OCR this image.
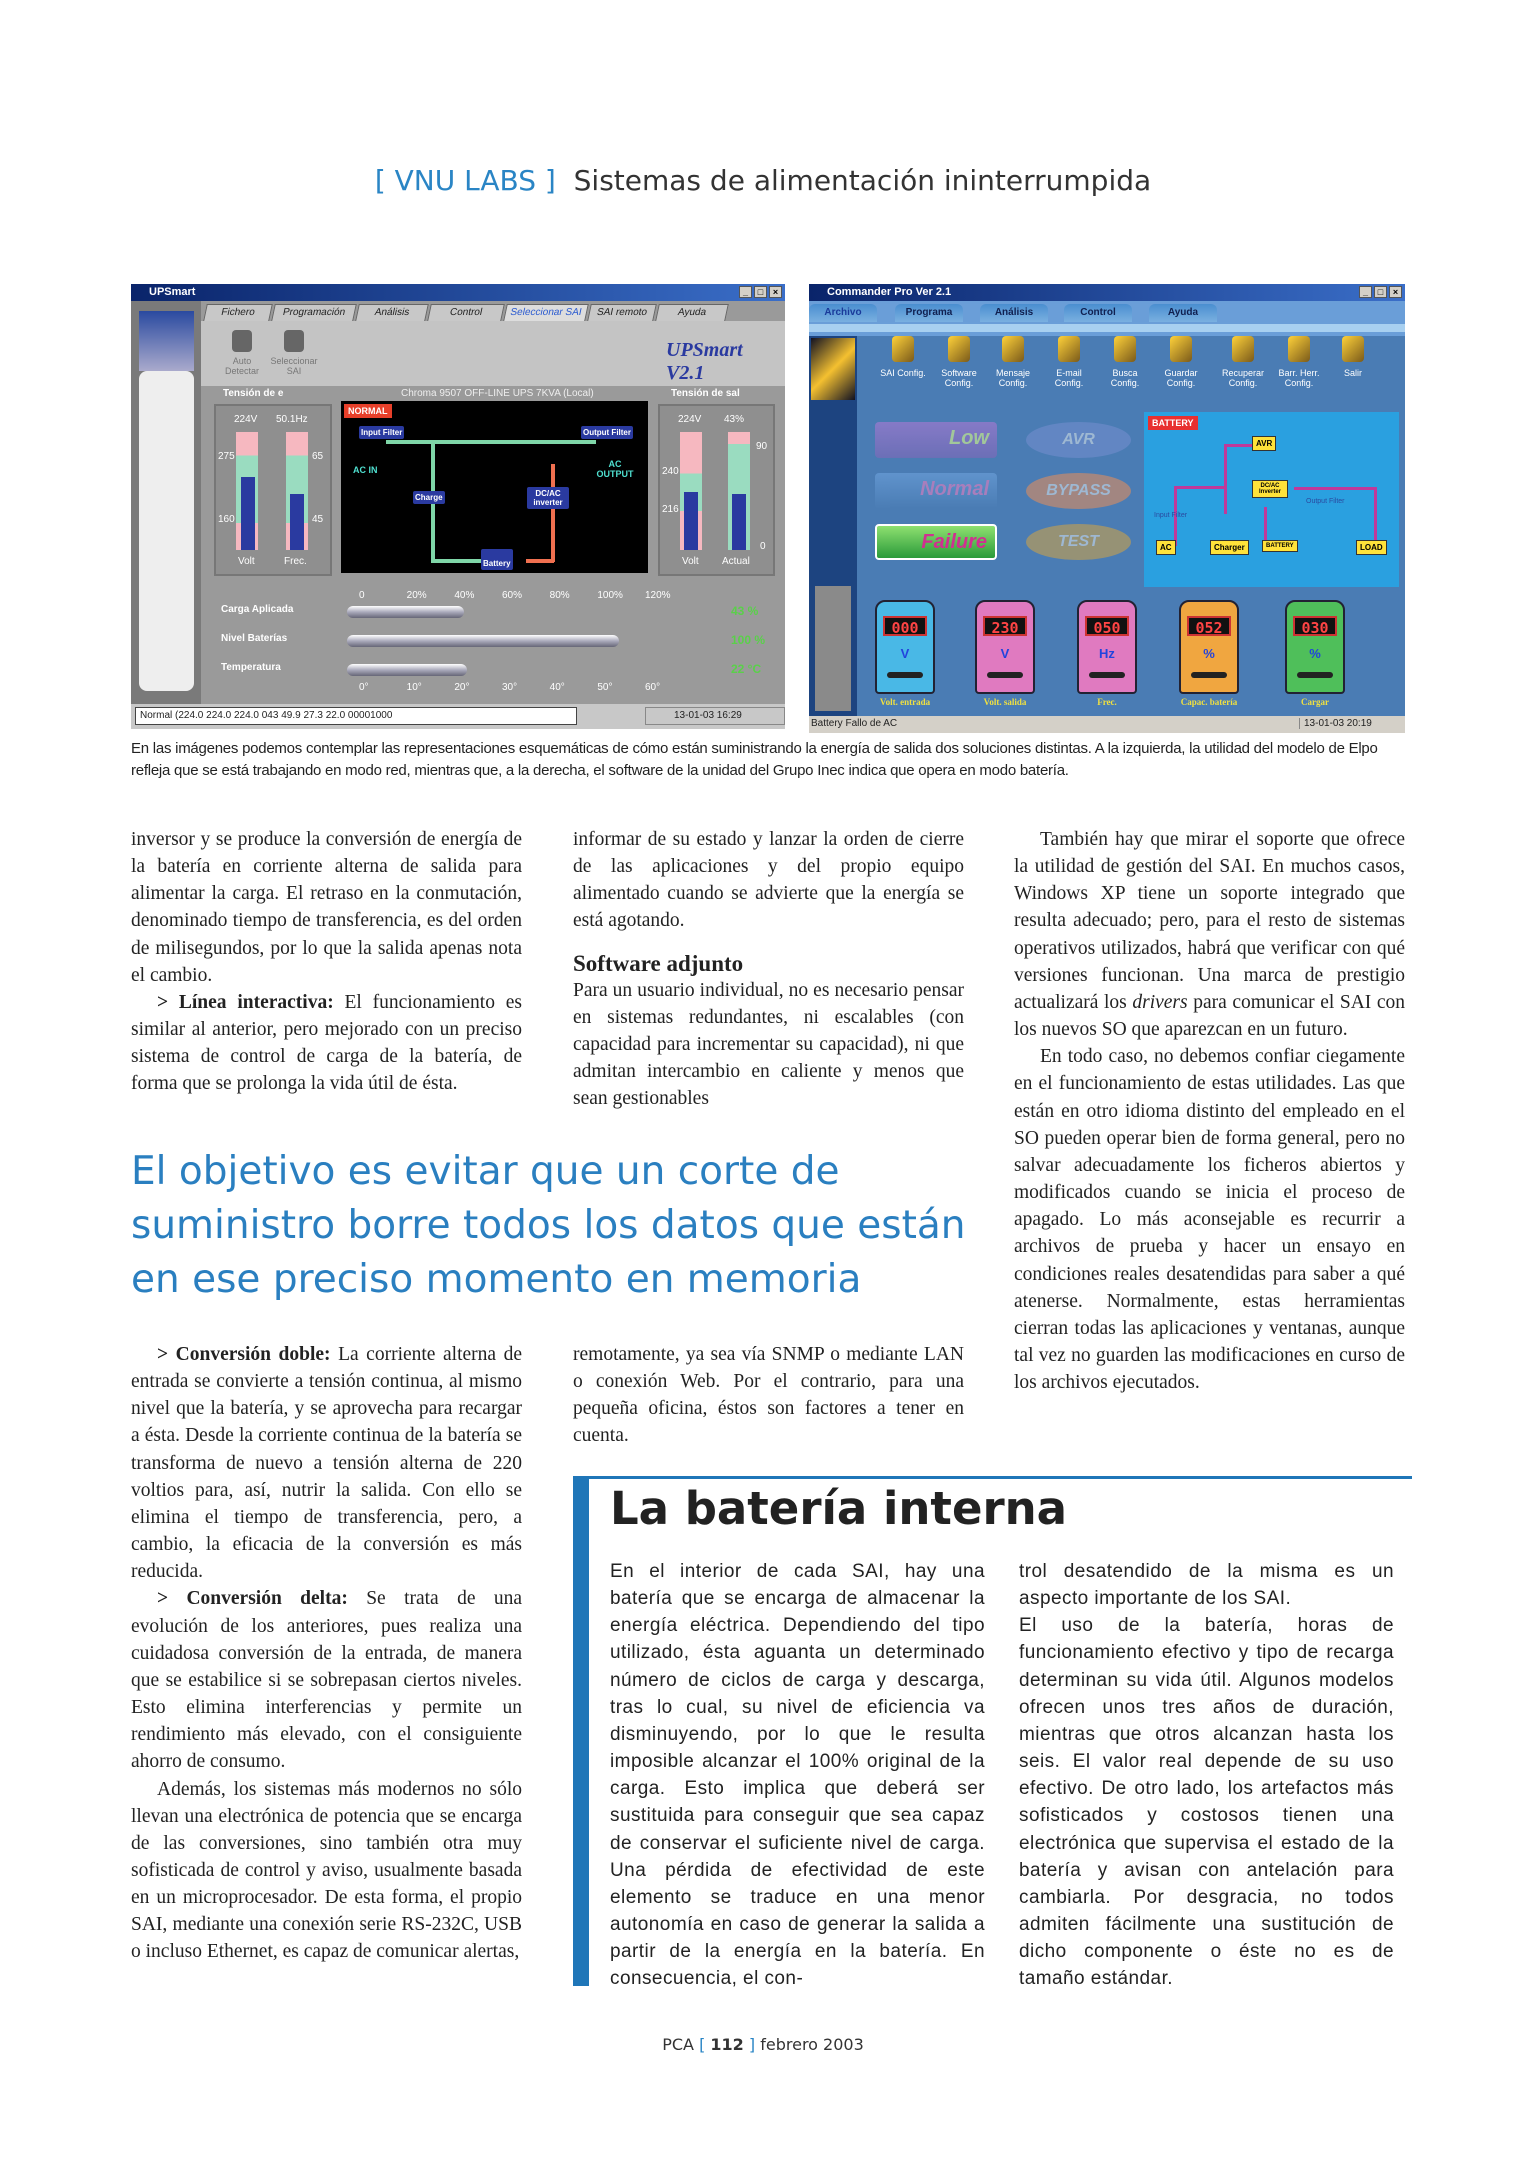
[ VNU LABS ] Sistemas de alimentación ininterrumpida
UPSmart	_	□	×
UPSmart V2.1
Tensión de e	Chroma 9507 OFF-LINE UPS 7KVA (Local)	Tensión de sal
224V 50.1Hz
275
160
65
45
Volt	Frec.
NORMAL
Input Filter	Output Filter
AC IN
AC OUTPUT
Charge	DC/AC inverter
Battery
224V 43%
240
216
90
0
Volt Actual
Normal (224.0 224.0 224.0 043 49.9 27.3 22.0 00001000	13-01-03 16:29
Fichero	Programación	Análisis	Control	Seleccionar SAI	SAI remoto	Ayuda
Auto Detectar
Seleccionar SAI
0	20%	40%	60%	80%	100% 120%
0°	10°	20°	30°	40°	50°	60°
Carga Aplicada	43 %
Nivel Baterías	100 %
Temperatura	22 °C
Commander Pro Ver 2.1	_	□	×
Low
Normal
Failure
AVR
BYPASS
TEST
BATTERY
AVR
DC/AC Inverter
AC	Charger	BATTERY	LOAD
Input Filter
Output Filter
Battery Fallo de AC	13-01-03 20:19
Archivo	Programa	Análisis	Control	Ayuda
SAI Config.	Software Config.
Mensaje Config.
E-mail Config.
Busca Config.
Guardar Config.
Recuperar Config.
Barr. Herr. Config.
Salir
000
V
Volt. entrada
230
V
Volt. salida
050
Hz
Frec.
052
%
Capac. batería
030
%
Cargar
En las imágenes podemos contemplar las representaciones esquemáticas de cómo están suministrando la energía de salida dos soluciones distintas. A la izquierda, la utilidad del modelo de Elpo refleja que se está trabajando en modo red, mientras que, a la derecha, el software de la unidad del Grupo Inec indica que opera en modo batería.

inversor y se produce la conversión de energía de la batería en corriente alterna de salida para alimentar la carga. El retraso en la conmutación, denominado tiempo de transferencia, es del orden de milisegundos, por lo que la salida apenas nota el cambio.

> Línea interactiva: El funcionamiento es similar al anterior, pero mejorado con un preciso sistema de control de carga de la batería, de forma que se prolonga la vida útil de ésta.

informar de su estado y lanzar la orden de cierre de las aplicaciones y del propio equipo alimentado cuando se advierte que la energía se está agotando.

Software adjunto

Para un usuario individual, no es necesario pensar en sistemas redundantes, ni escalables (con capacidad para incrementar su capacidad), ni que admitan intercambio en caliente y menos que sean gestionables

También hay que mirar el soporte que ofrece la utilidad de gestión del SAI. En muchos casos, Windows XP tiene un soporte integrado que resulta adecuado; pero, para el resto de sistemas operativos utilizados, habrá que verificar con qué versiones funcionan. Una marca de prestigio actualizará los drivers para comunicar el SAI con los nuevos SO que aparezcan en un futuro.

En todo caso, no debemos confiar ciegamente en el funcionamiento de estas utilidades. Las que están en otro idioma distinto del empleado en el SO pueden operar bien de forma general, pero no salvar adecuadamente los ficheros abiertos y modificados cuando se inicia el proceso de apagado. Lo más aconsejable es recurrir a archivos de prueba y hacer un ensayo en condiciones reales desatendidas para saber a qué atenerse. Normalmente, estas herramientas cierran todas las aplicaciones y ventanas, aunque tal vez no guarden las modificaciones en curso de los archivos ejecutados.

El objetivo es evitar que un corte de
suministro borre todos los datos que están
en ese preciso momento en memoria

> Conversión doble: La corriente alterna de entrada se convierte a tensión continua, al mismo nivel que la batería, y se aprovecha para recargar a ésta. Desde la corriente continua de la batería se transforma de nuevo a tensión alterna de 220 voltios para, así, nutrir la salida. Con ello se elimina el tiempo de transferencia, pero, a cambio, la eficacia de la conversión es más reducida.

> Conversión delta: Se trata de una evolución de los anteriores, pues realiza una cuidadosa conversión de la entrada, de manera que se estabilice si se sobrepasan ciertos niveles. Esto elimina interferencias y permite un rendimiento más elevado, con el consiguiente ahorro de consumo.

Además, los sistemas más modernos no sólo llevan una electrónica de potencia que se encarga de las conversiones, sino también otra muy sofisticada de control y aviso, usualmente basada en un microprocesador. De esta forma, el propio SAI, mediante una conexión serie RS-232C, USB o incluso Ethernet, es capaz de comunicar alertas,

remotamente, ya sea vía SNMP o mediante LAN o conexión Web. Por el contrario, para una pequeña oficina, éstos son factores a tener en cuenta.

La batería interna

En el interior de cada SAI, hay una batería que se encarga de almacenar la energía eléctrica. Dependiendo del tipo utilizado, ésta aguanta un determinado número de ciclos de carga y descarga, tras lo cual, su nivel de eficiencia va disminuyendo, por lo que le resulta imposible alcanzar el 100% original de la carga. Esto implica que deberá ser sustituida para conseguir que sea capaz de conservar el suficiente nivel de carga. Una pérdida de efectividad de este elemento se traduce en una menor autonomía en caso de generar la salida a partir de la energía en la batería. En consecuencia, el con-

trol desatendido de la misma es un aspecto importante de los SAI.

El uso de la batería, horas de funcionamiento efectivo y tipo de recarga determinan su vida útil. Algunos modelos ofrecen unos tres años de duración, mientras que otros alcanzan hasta los seis. El valor real depende de su uso efectivo. De otro lado, los artefactos más sofisticados y costosos tienen una electrónica que supervisa el estado de la batería y avisan con antelación para cambiarla. Por desgracia, no todos admiten fácilmente una sustitución de dicho componente o éste no es de tamaño estándar.

PCA [ 112 ] febrero 2003
